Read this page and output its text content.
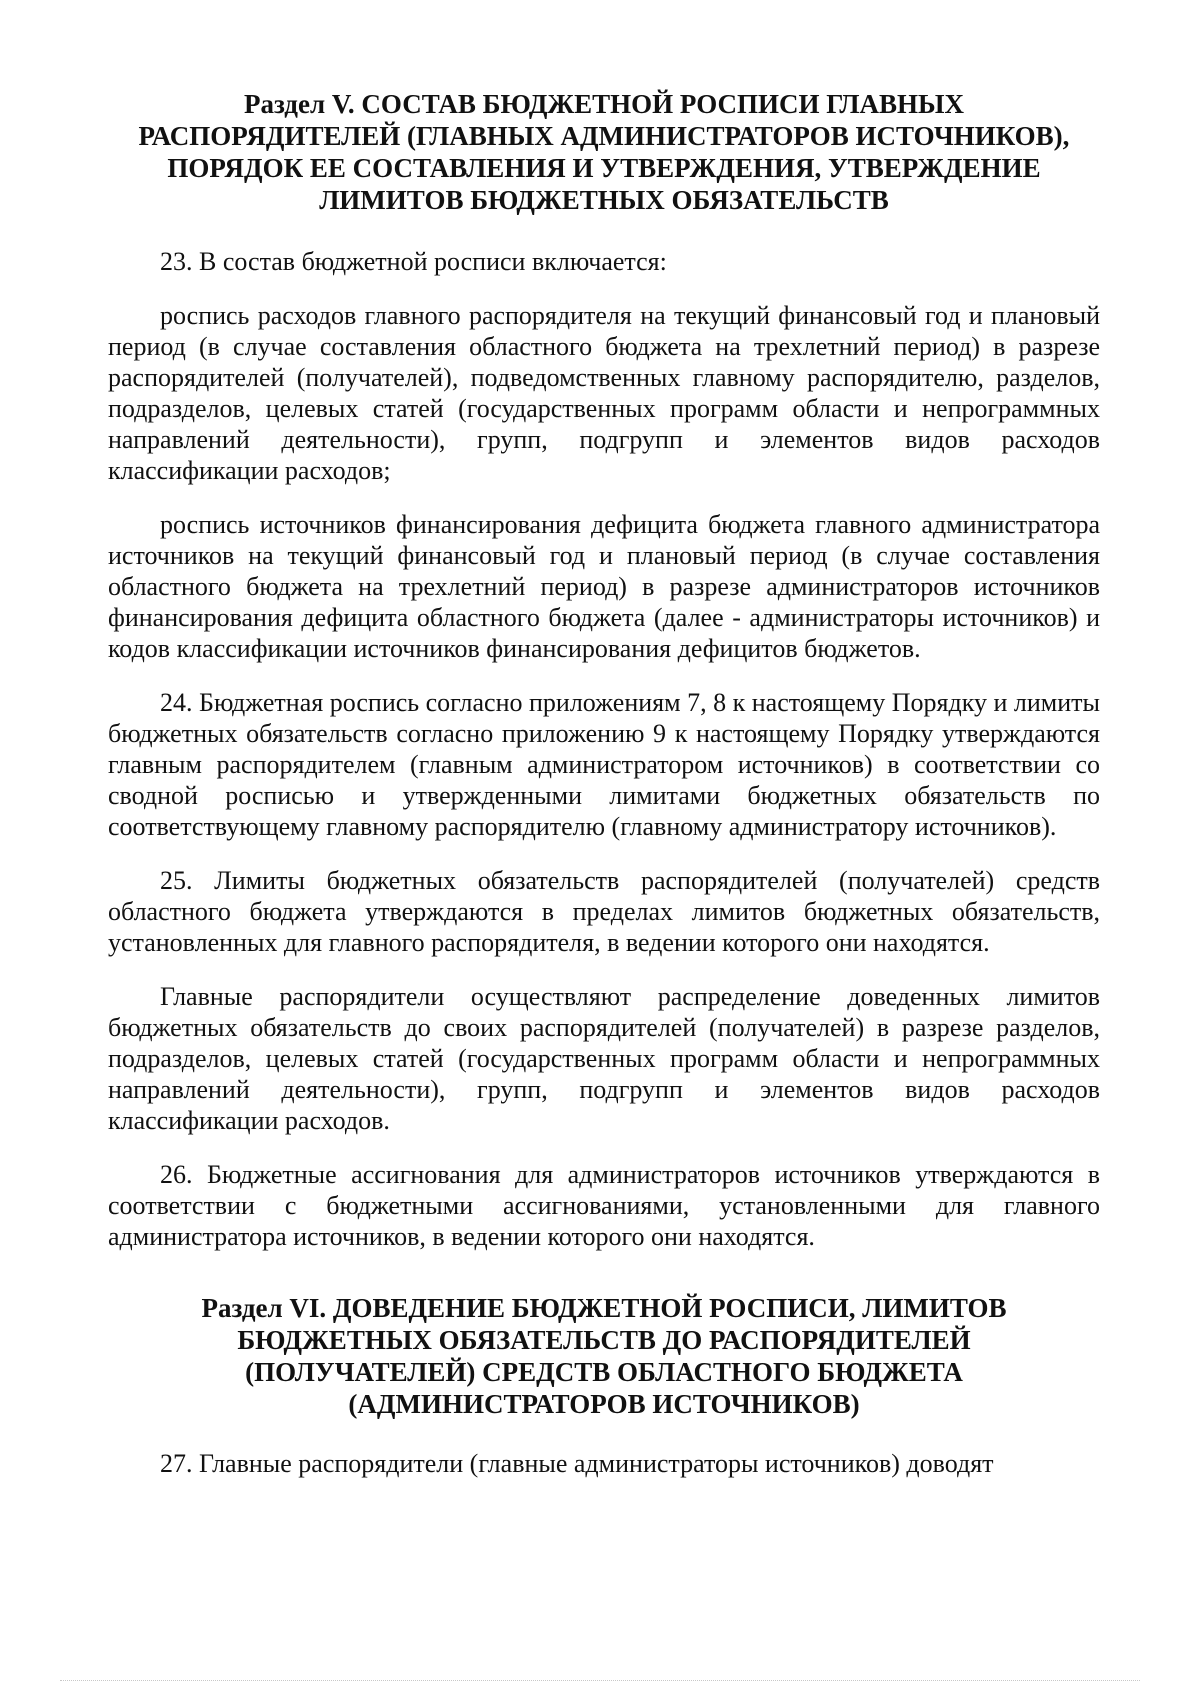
Раздел V. СОСТАВ БЮДЖЕТНОЙ РОСПИСИ ГЛАВНЫХ
РАСПОРЯДИТЕЛЕЙ (ГЛАВНЫХ АДМИНИСТРАТОРОВ ИСТОЧНИКОВ),
ПОРЯДОК ЕЕ СОСТАВЛЕНИЯ И УТВЕРЖДЕНИЯ, УТВЕРЖДЕНИЕ
ЛИМИТОВ БЮДЖЕТНЫХ ОБЯЗАТЕЛЬСТВ

23. В состав бюджетной росписи включается:

роспись расходов главного распорядителя на текущий финансовый год и плановый период (в случае составления областного бюджета на трехлетний период) в разрезе распорядителей (получателей), подведомственных главному распорядителю, разделов, подразделов, целевых статей (государственных программ области и непрограммных направлений деятельности), групп, подгрупп и элементов видов расходов классификации расходов;

роспись источников финансирования дефицита бюджета главного администратора источников на текущий финансовый год и плановый период (в случае составления областного бюджета на трехлетний период) в разрезе администраторов источников финансирования дефицита областного бюджета (далее - администраторы источников) и кодов классификации источников финансирования дефицитов бюджетов.

24. Бюджетная роспись согласно приложениям 7, 8 к настоящему Порядку и лимиты бюджетных обязательств согласно приложению 9 к настоящему Порядку утверждаются главным распорядителем (главным администратором источников) в соответствии со сводной росписью и утвержденными лимитами бюджетных обязательств по соответствующему главному распорядителю (главному администратору источников).

25. Лимиты бюджетных обязательств распорядителей (получателей) средств областного бюджета утверждаются в пределах лимитов бюджетных обязательств, установленных для главного распорядителя, в ведении которого они находятся.

Главные распорядители осуществляют распределение доведенных лимитов бюджетных обязательств до своих распорядителей (получателей) в разрезе разделов, подразделов, целевых статей (государственных программ области и непрограммных направлений деятельности), групп, подгрупп и элементов видов расходов классификации расходов.

26. Бюджетные ассигнования для администраторов источников утверждаются в соответствии с бюджетными ассигнованиями, установленными для главного администратора источников, в ведении которого они находятся.

Раздел VI. ДОВЕДЕНИЕ БЮДЖЕТНОЙ РОСПИСИ, ЛИМИТОВ
БЮДЖЕТНЫХ ОБЯЗАТЕЛЬСТВ ДО РАСПОРЯДИТЕЛЕЙ
(ПОЛУЧАТЕЛЕЙ) СРЕДСТВ ОБЛАСТНОГО БЮДЖЕТА
(АДМИНИСТРАТОРОВ ИСТОЧНИКОВ)

27. Главные распорядители (главные администраторы источников) доводят
